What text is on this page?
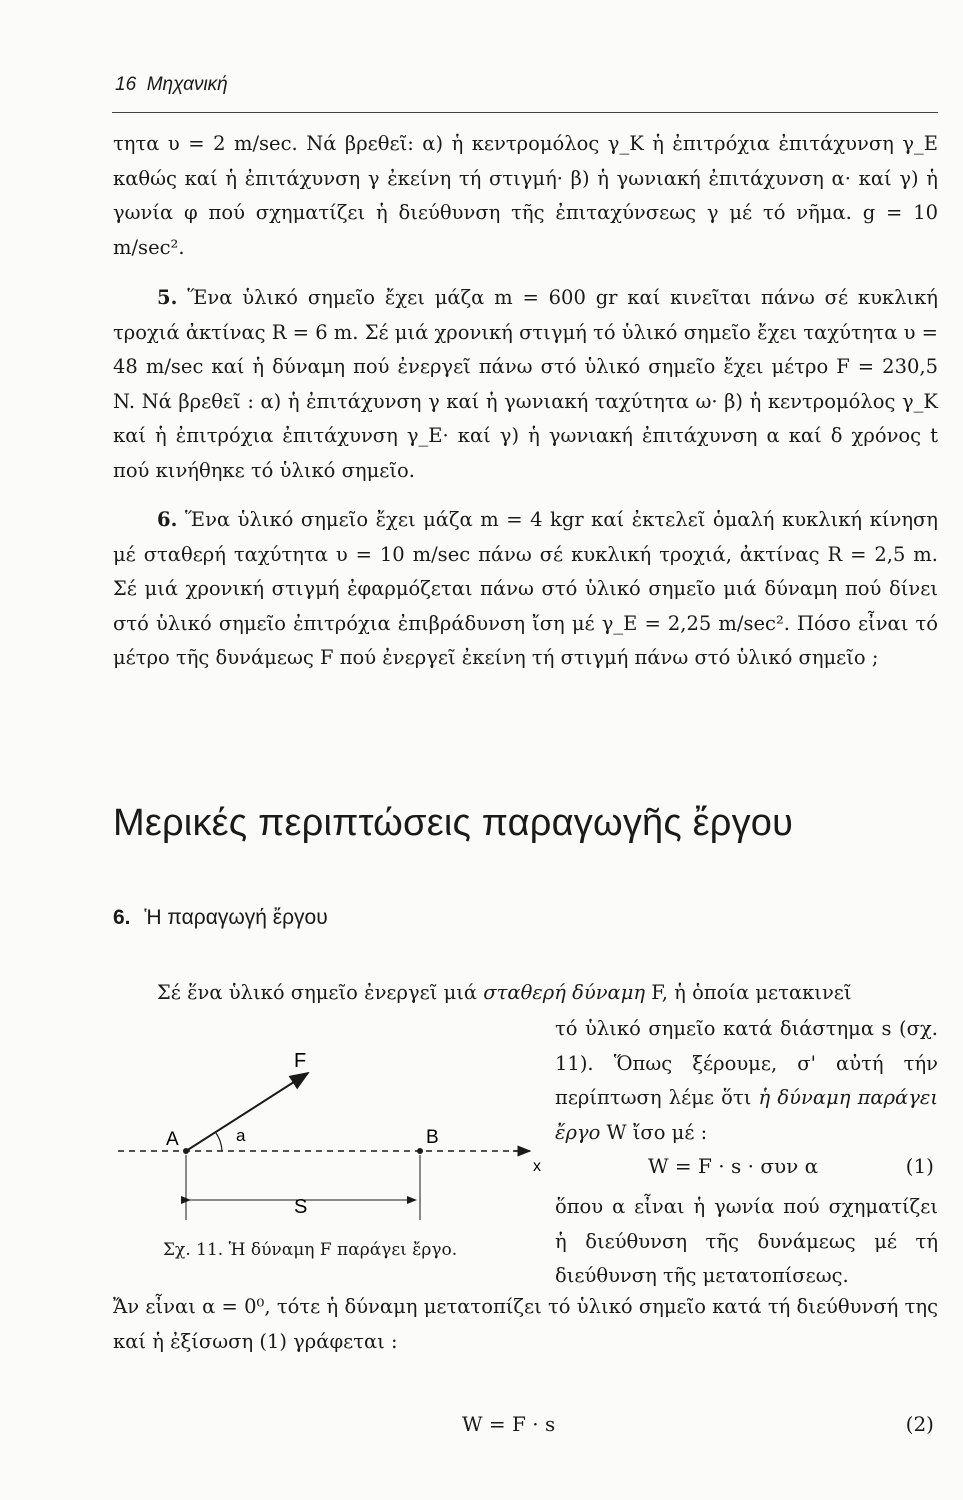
16 Μηχανική

τητα υ = 2 m/sec. Νά βρεθεῖ: α) ἡ κεντρομόλος γ_K ἡ ἐπιτρόχια ἐπιτάχυνση γ_E καθώς καί ἡ ἐπιτάχυνση γ ἐκείνη τή στιγμή· β) ἡ γωνιακή ἐπιτάχυνση α· καί γ) ἡ γωνία φ πού σχηματίζει ἡ διεύθυνση τῆς ἐπιταχύνσεως γ μέ τό νῆμα. g = 10 m/sec².

5. Ἕνα ὑλικό σημεῖο ἔχει μάζα m = 600 gr καί κινεῖται πάνω σέ κυκλική τροχιά ἀκτίνας R = 6 m. Σέ μιά χρονική στιγμή τό ὑλικό σημεῖο ἔχει ταχύτητα υ = 48 m/sec καί ἡ δύναμη πού ἐνεργεῖ πάνω στό ὑλικό σημεῖο ἔχει μέτρο F = 230,5 N. Νά βρεθεῖ : α) ἡ ἐπιτάχυνση γ καί ἡ γωνιακή ταχύτητα ω· β) ἡ κεντρομόλος γ_K καί ἡ ἐπιτρόχια ἐπιτάχυνση γ_E· καί γ) ἡ γωνιακή ἐπιτάχυνση α καί δ χρόνος t πού κινήθηκε τό ὑλικό σημεῖο.

6. Ἕνα ὑλικό σημεῖο ἔχει μάζα m = 4 kgr καί ἐκτελεῖ ὁμαλή κυκλική κίνηση μέ σταθερή ταχύτητα υ = 10 m/sec πάνω σέ κυκλική τροχιά, ἀκτίνας R = 2,5 m. Σέ μιά χρονική στιγμή ἐφαρμόζεται πάνω στό ὑλικό σημεῖο μιά δύναμη πού δίνει στό ὑλικό σημεῖο ἐπιτρόχια ἐπιβράδυνση ἴση μέ γ_E = 2,25 m/sec². Πόσο εἶναι τό μέτρο τῆς δυνάμεως F πού ἐνεργεῖ ἐκείνη τή στιγμή πάνω στό ὑλικό σημεῖο ;

Μερικές περιπτώσεις παραγωγῆς ἔργου
6. Ἡ παραγωγή ἔργου
Σέ ἕνα ὑλικό σημεῖο ἐνεργεῖ μιά σταθερή δύναμη F, ἡ ὁποία μετακινεῖ
τό ὑλικό σημεῖο κατά διάστημα s (σχ. 11). Ὅπως ξέρουμε, σ' αὐτή τήν περίπτωση λέμε ὅτι ἡ δύναμη παράγει ἔργο W ἴσο μέ :
W = F · s · συν α	(1)
ὅπου α εἶναι ἡ γωνία πού σχηματίζει ἡ διεύθυνση τῆς δυνάμεως μέ τή διεύθυνση τῆς μετατοπίσεως.
F
a
A	B
x
S
Σχ. 11. Ἡ δύναμη F παράγει ἔργο.
Ἄν εἶναι α = 0⁰, τότε ἡ δύναμη μετατοπίζει τό ὑλικό σημεῖο κατά τή διεύθυνσή της καί ἡ ἐξίσωση (1) γράφεται :
W = F · s	(2)
